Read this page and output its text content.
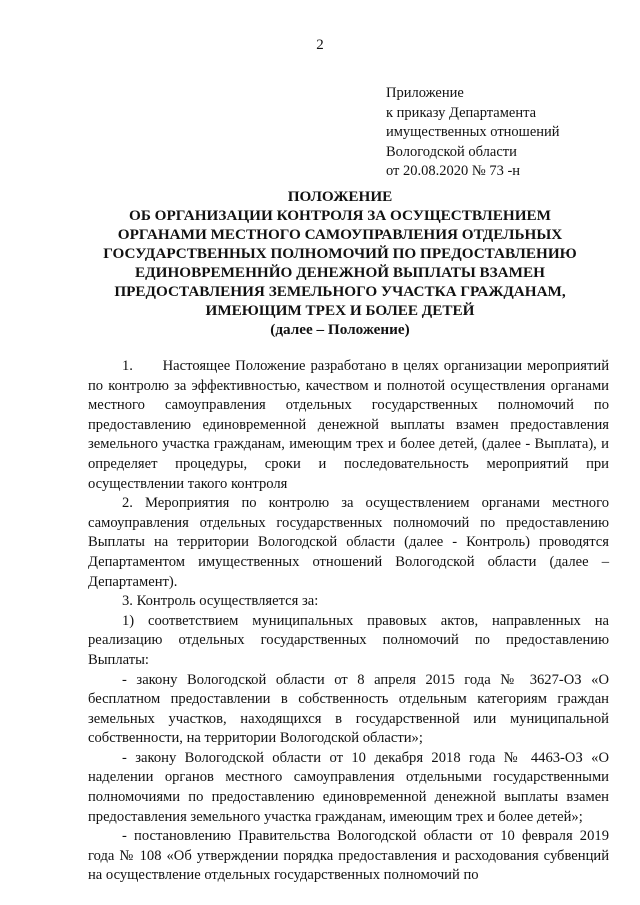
2
Приложение
к приказу Департамента
имущественных отношений
Вологодской области
от 20.08.2020 № 73 -н
ПОЛОЖЕНИЕ
ОБ ОРГАНИЗАЦИИ КОНТРОЛЯ ЗА ОСУЩЕСТВЛЕНИЕМ
ОРГАНАМИ МЕСТНОГО САМОУПРАВЛЕНИЯ ОТДЕЛЬНЫХ
ГОСУДАРСТВЕННЫХ ПОЛНОМОЧИЙ ПО ПРЕДОСТАВЛЕНИЮ
ЕДИНОВРЕМЕННЙО ДЕНЕЖНОЙ ВЫПЛАТЫ ВЗАМЕН
ПРЕДОСТАВЛЕНИЯ ЗЕМЕЛЬНОГО УЧАСТКА ГРАЖДАНАМ,
ИМЕЮЩИМ ТРЕХ И БОЛЕЕ ДЕТЕЙ
(далее – Положение)

1.      Настоящее Положение разработано в целях организации мероприятий по контролю за эффективностью, качеством и полнотой осуществления органами местного самоуправления отдельных государственных полномочий по предоставлению единовременной денежной выплаты взамен предоставления земельного участка гражданам, имеющим трех и более детей, (далее - Выплата), и определяет процедуры, сроки и последовательность мероприятий при осуществлении такого контроля

2. Мероприятия по контролю за осуществлением органами местного самоуправления отдельных государственных полномочий по предоставлению Выплаты на территории Вологодской области (далее - Контроль) проводятся Департаментом имущественных отношений Вологодской области (далее – Департамент).

3. Контроль осуществляется за:

1) соответствием муниципальных правовых актов, направленных на реализацию отдельных государственных полномочий по предоставлению Выплаты:

- закону Вологодской области от 8 апреля 2015 года № 3627-ОЗ «О бесплатном предоставлении в собственность отдельным категориям граждан земельных участков, находящихся в государственной или муниципальной собственности, на территории Вологодской области»;

- закону Вологодской области от 10 декабря 2018 года № 4463-ОЗ «О наделении органов местного самоуправления отдельными государственными полномочиями по предоставлению единовременной денежной выплаты взамен предоставления земельного участка гражданам, имеющим трех и более детей»;

- постановлению Правительства Вологодской области от 10 февраля 2019 года № 108 «Об утверждении порядка предоставления и расходования субвенций на осуществление отдельных государственных полномочий по
